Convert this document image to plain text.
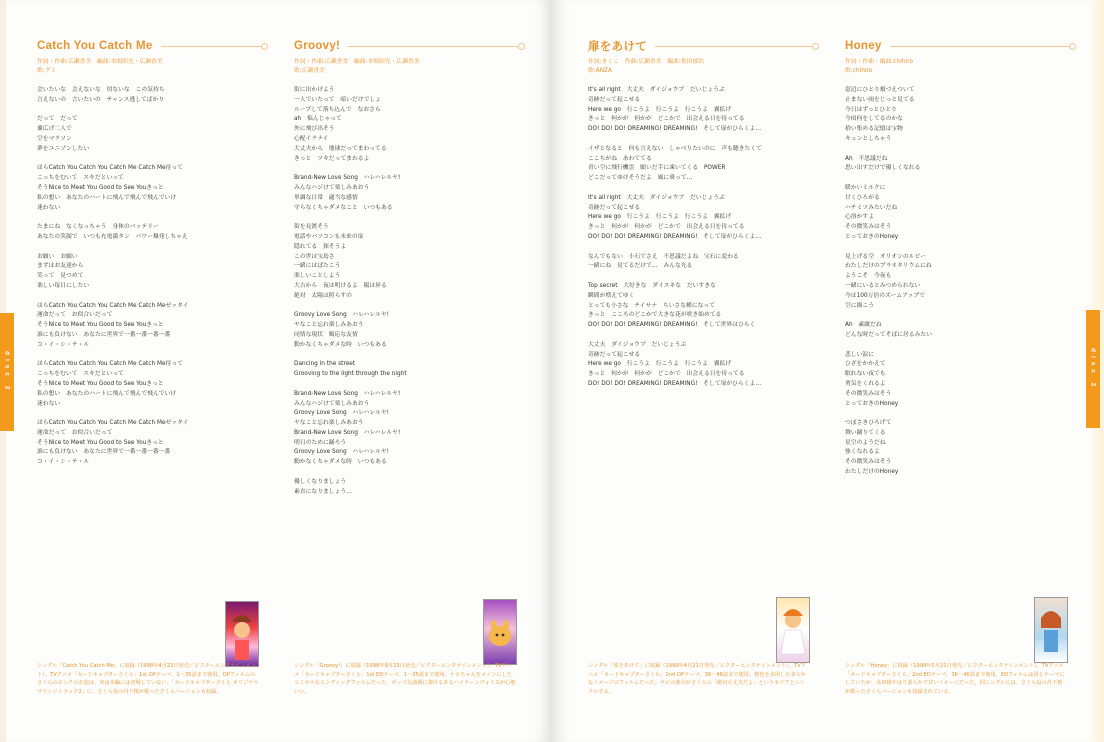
Catch You Catch Me
作詞・作曲:広瀬香美　編曲:本間昭光・広瀬香美
歌:グミ
会いたいな　会えないな　切ないな　この気持ち
言えないの　言いたいの　チャンス逃してばかり
だって　だって
翼広げ二人で
空をマラソン
夢をユニゾンしたい
ほらCatch You Catch You Catch Me Catch Me待って
こっちをむいて　スキだといって
そうNice to Meet You Good to See Youきっと
私の想い　あなたのハートに飛んで飛んで飛んでいけ
迷わない
たまにね　なくなっちゃう　身体のバッテリー
あなたの笑顔で　いつも充電満タン　パワー爆発しちゃえ
お願い　お願い
まずはお友達から
笑って　見つめて
楽しい毎日にしたい
ほらCatch You Catch You Catch Me Catch Meゼッタイ
運命だって　お似合いだって
そうNice to Meet You Good to See Youきっと
誰にも負けない　あなたに世界で一番一番一番一番
コ・イ・シ・テ・ル
ほらCatch You Catch You Catch Me Catch Me待って
こっちをむいて　スキだといって
そうNice to Meet You Good to See Youきっと
私の想い　あなたのハートに飛んで飛んで飛んでいけ
迷わない
ほらCatch You Catch You Catch Me Catch Meゼッタイ
運命だって　お似合いだって
そうNice to Meet You Good to See Youきっと
誰にも負けない　あなたに世界で一番一番一番一番
コ・イ・シ・テ・ル
Groovy!
作詞・作曲:広瀬香美　編曲:本間昭光・広瀬香美
歌:広瀬香美
街に出かけよう
一人でいたって　暗いだけでしょ
ループして落ち込んで　なおさら
ah　悩んじゃって
外に飛び出そう
心配イラナイ
大丈夫から　地球だってまわってる
きっと　ツキだってまわるよ
Brand-New Love Song　ハレハレルヤ!
みんなハジけて楽しみあおう
単調な日常　適当な感情
守らなくちゃダメなこと　いつもある
街を見渡そう
電話やパソコンも未来の扉
隠れてる　探そうよ
この世は宝島さ
一緒にはばたこう
楽しいことしよう
大吉から　夜は明けるよ　陽は昇る
絶対　太陽は照らすの
Groovy Love Song　ハレハレルヤ!
ヤなこと忘れ楽しみあおう
同情な現状　順応な友情
動かなくちゃダメな時　いつもある
Dancing in the street
Grooving to the light through the night
Brand-New Love Song　ハレハレルヤ!
みんなハジけて楽しみあおう
Groovy Love Song　ハレハレルヤ!
ヤなこと忘れ楽しみあおう
Brand-New Love Song　ハレハレルヤ!
明日のために踊ろう
Groovy Love Song　ハレハレルヤ!
動かなくちゃダメな時　いつもある
優しくなりましょう
素直になりましょう…
disc 2
シングル「Catch You Catch Me」に収録（1998年4月22日発売／ビクターエンタテインメント）。TVアニメ「カードキャプターさくら」1st OPテーマ。1〜35話まで使用。OPフィルムのさくらのピンクの衣装は、実は本編には登場していない。「カードキャプターさくら オリジナルサウンドトラック2」に、さくら役の丹下桜が歌ったさくらバージョンも収録。
シングル「Groovy!」に収録（1998年9月23日発売／ビクターエンタテインメント）。TVアニメ「カードキャプターさくら」1st EDテーマ。1〜35話まで使用。ケロちゃんをメインにしたコミカルなエンディングフィルムだった。ポップな曲調に弾けるあるハイテーンヴォイスが心地いい。
扉をあけて
作詞:きくこ　作曲:広瀬香美　編曲:集田郁浩
歌:ANZA
It's all right　大丈夫　ダイジョウブ　だいじょうぶ
奇跡だって起こせる
Here we go　行こうよ　行こうよ　行こうよ　翼拡げ
きっと　何かが　何かが　どこかで　出会える日を待ってる
DO! DO! DO! DREAMING! DREAMING!　そして扉がひらくよ…
イザとなると　何も言えない　しゃべりたいのに　声も聴きたくて
ここちがね　あわててる
青い空に飛行機雲　願いだ手に凍いてくる　POWER
どこだってゆけそうだよ　風に乗って…
It's all right　大丈夫　ダイジョウブ　だいじょうぶ
奇跡だって起こせる
Here we go　行こうよ　行こうよ　行こうよ　翼拡げ
きっと　何かが　何かが　どこかで　出会える日を待ってる
DO! DO! DO! DREAMING! DREAMING!　そして扉がひらくよ…
なんでもない　小石でさえ　不思議だよね　宝石に変わる
一緒にね　見てるだけで…　みんな光る
Top secret　大好きな　ダイスキな　だいすきな
瞬間が増えてゆく
とっても小さな　チイサナ　ちいさな種になって
きっと　こころのどこかで大きな花が咲き始めてる
DO! DO! DO! DREAMING! DREAMING!　そして世界はひらく
大丈夫　ダイジョウブ　だいじょうぶ
奇跡だって起こせる
Here we go　行こうよ　行こうよ　行こうよ　翼拡げ
きっと　何かが　何かが　どこかで　出会える日を待ってる
DO! DO! DO! DREAMING! DREAMING!　そして扉がひらくよ…
Honey
作詞・作曲・編曲:chihiro
歌:chihiro
窓辺にひとり頬づえついて
止まない雨をじっと見てる
今日はずっとひとり
今頃何をしてるのかな
拾い集める記憶は宝物
キュンとしちゃう
Ah　不思議だね
思い出すだけで優しくなれる
暖かいミルクに
甘くひろがる
ハチミツみたいだね
心溶かすよ
その微笑みはそう
とっておきのHoney
見上げる空　オリオンのルビー
わたしだけのプラネタリウムにね
ようこそ　今夜も
一緒にいるとみつめられない
今は100万倍のズームアップで
空に描こう
Ah　素敵だね
どんな時だってそばに居るみたい
悲しい涙に
ひざをかかえて
眠れない夜でも
勇気をくれるよ
その微笑みはそう
とっておきのHoney
つぼさきひろげて
舞い踊りてくる
星空のようだね
強くなれるよ
その微笑みはそう
わたしだけのHoney
disc 2
シングル「扉をあけて」に収録（1999年4月21日発売／ビクターエンタテインメント）。TVアニメ「カードキャプターさくら」2nd OPテーマ。36〜46話まで使用。桜色を多用した柔らかなイメージのフィルムだった。サビの部分がさくらの「絶対大丈夫だよ」というセリフとシンクロする。
シングル「Honey」に収録（1999年5月21日発売／ビクターエンタテインメント）。TVアニメ「カードキャプターさくら」2nd EDテーマ。36〜46話まで使用。EDフィルムは同じテーマにしていたが、品田様やはり柔らかで甘いイメージだった。同シングルには、さくら役の丹下桜が歌ったさくらバージョンも収録されている。
